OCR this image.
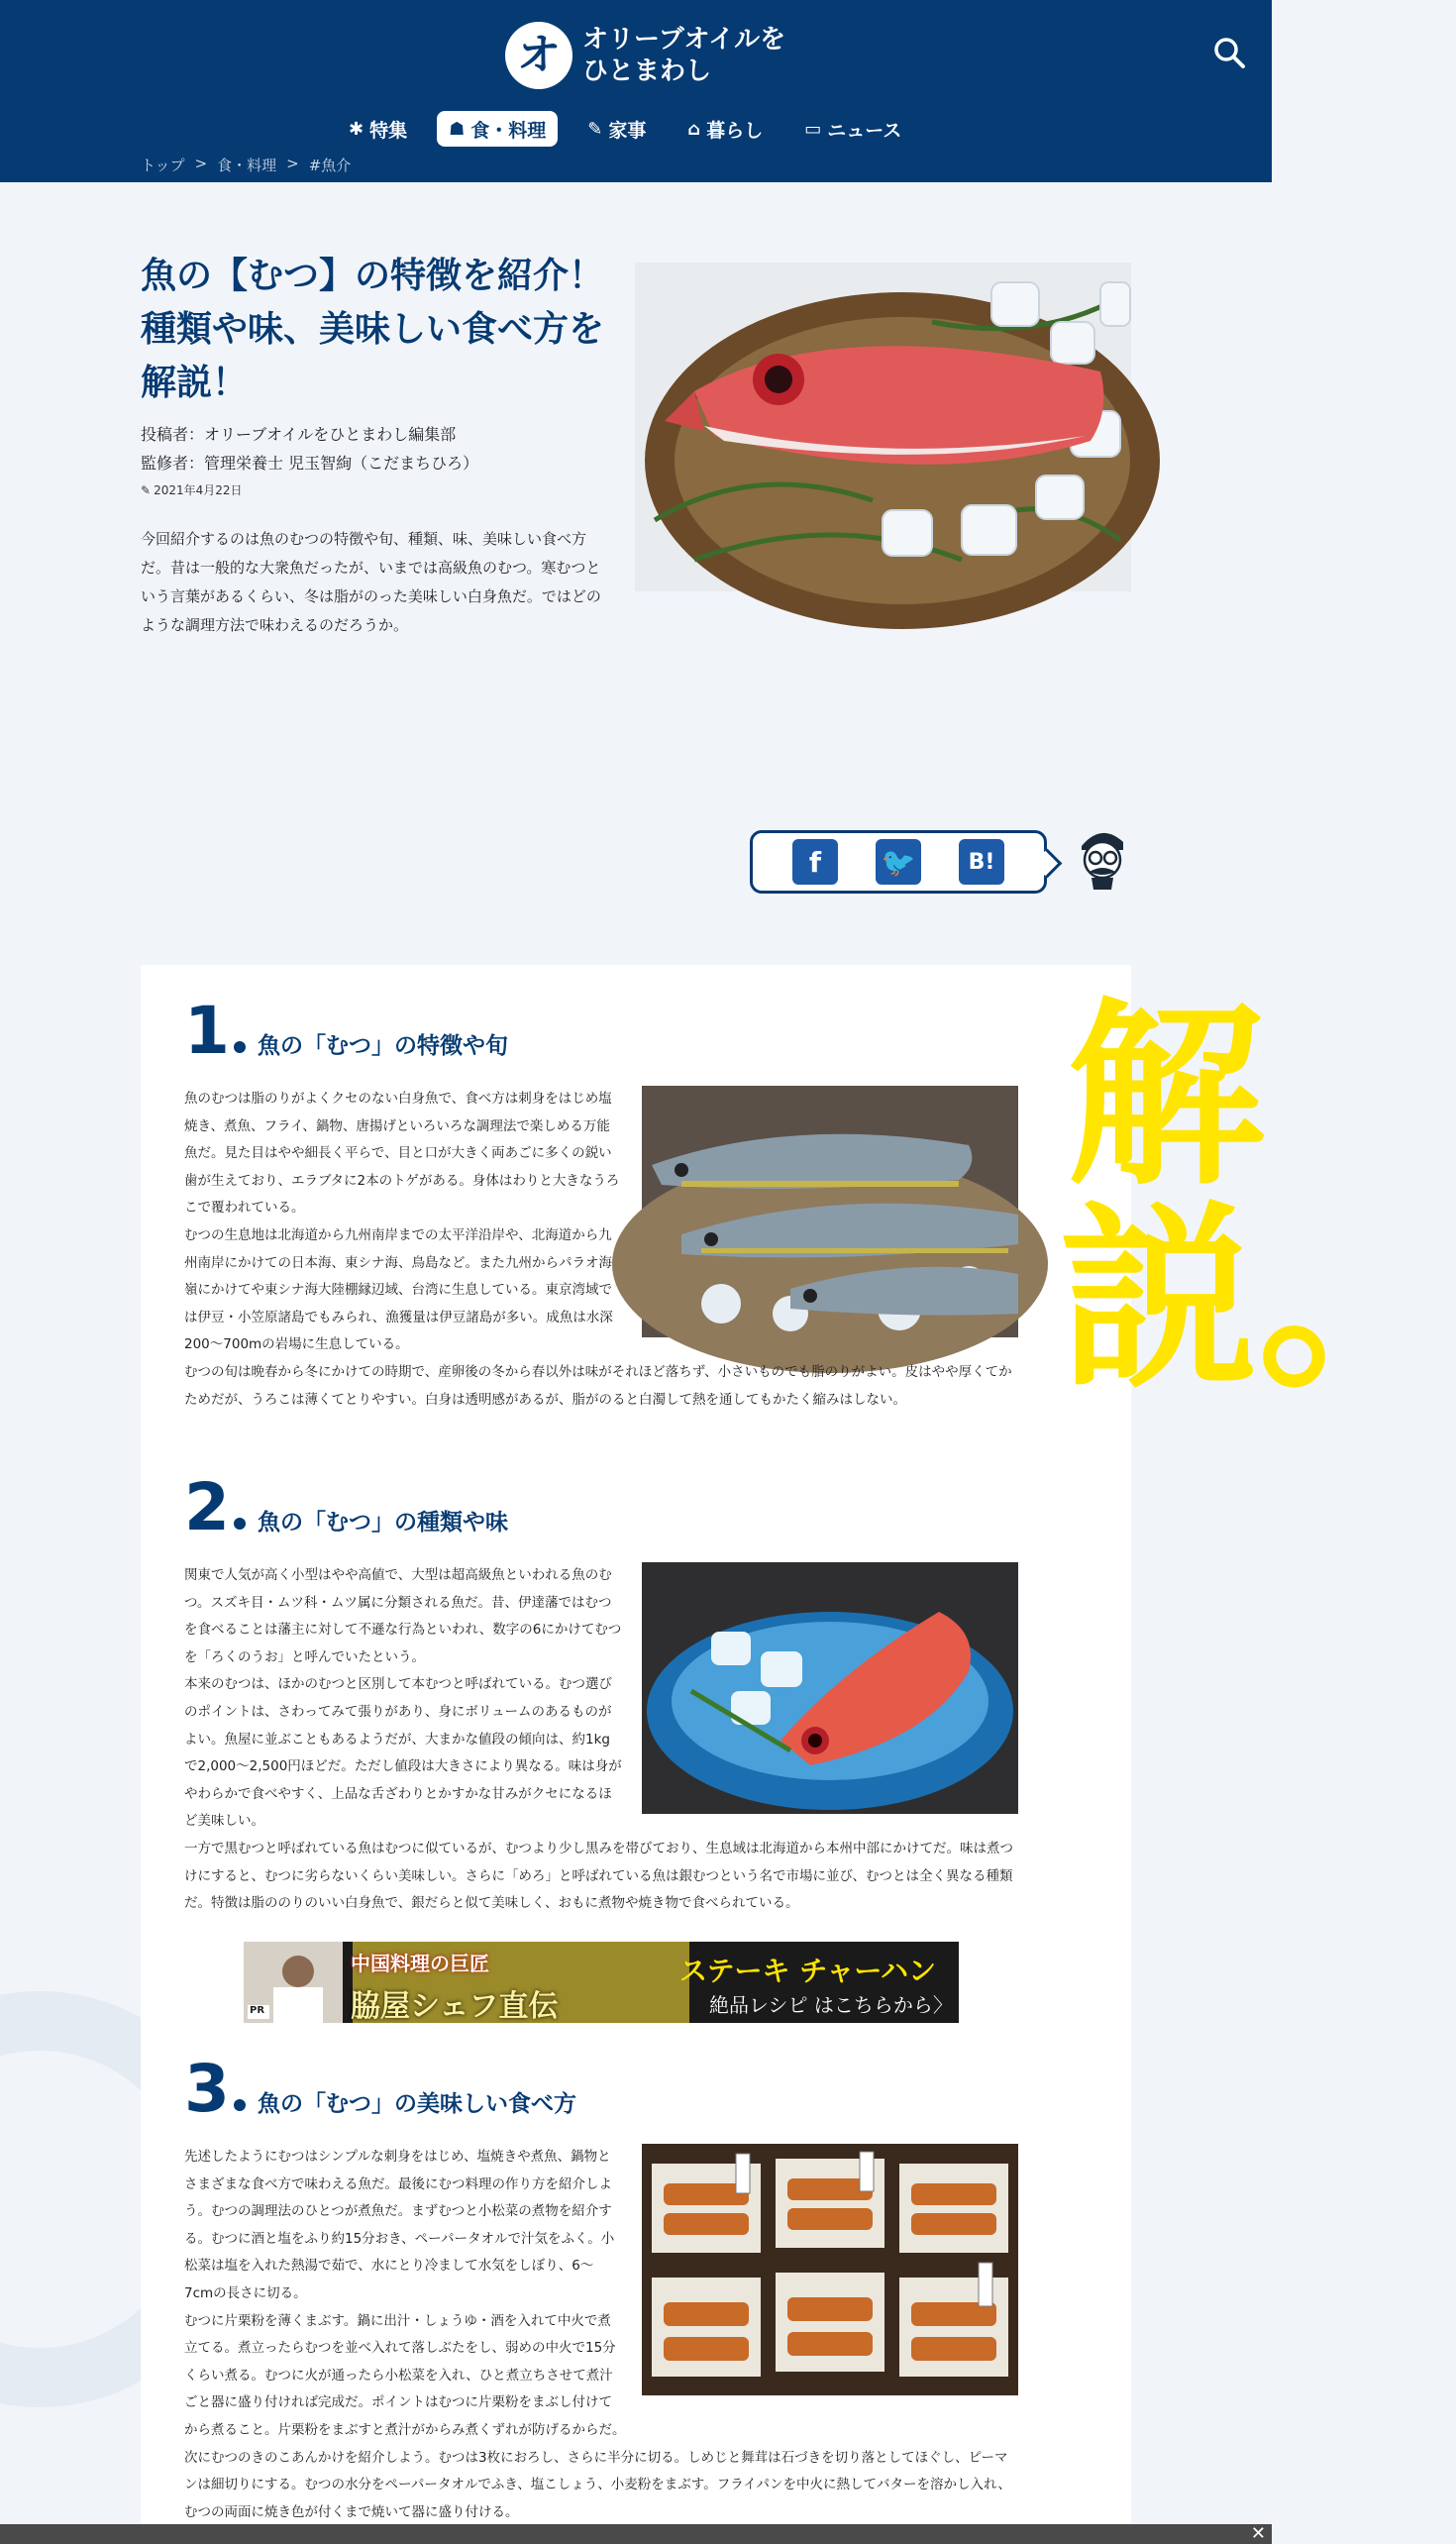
オ オリーブオイルを
ひとまわし
✱ 特集 ☗ 食・料理 ✎ 家事 ⌂ 暮らし ▭ ニュース
トップ > 食・料理 > #魚介
魚の【むつ】の特徴を紹介！種類や味、美味しい食べ方を解説！
投稿者：オリーブオイルをひとまわし編集部
監修者：管理栄養士 児玉智絢（こだまちひろ）
✎ 2021年4月22日

今回紹介するのは魚のむつの特徴や旬、種類、味、美味しい食べ方だ。昔は一般的な大衆魚だったが、いまでは高級魚のむつ。寒むつという言葉があるくらい、冬は脂がのった美味しい白身魚だ。ではどのような調理方法で味わえるのだろうか。

f	🐦	B!
解説。
1 魚の「むつ」の特徴や旬

魚のむつは脂のりがよくクセのない白身魚で、食べ方は刺身をはじめ塩焼き、煮魚、フライ、鍋物、唐揚げといろいろな調理法で楽しめる万能魚だ。見た目はやや細長く平らで、目と口が大きく両あごに多くの鋭い歯が生えており、エラブタに2本のトゲがある。身体はわりと大きなうろこで覆われている。

むつの生息地は北海道から九州南岸までの太平洋沿岸や、北海道から九州南岸にかけての日本海、東シナ海、鳥島など。また九州からパラオ海嶺にかけてや東シナ海大陸棚縁辺域、台湾に生息している。東京湾域では伊豆・小笠原諸島でもみられ、漁獲量は伊豆諸島が多い。成魚は水深200〜700mの岩場に生息している。

むつの旬は晩春から冬にかけての時期で、産卵後の冬から春以外は味がそれほど落ちず、小さいものでも脂のりがよい。皮はやや厚くてかためだが、うろこは薄くてとりやすい。白身は透明感があるが、脂がのると白濁して熱を通してもかたく縮みはしない。

2 魚の「むつ」の種類や味

関東で人気が高く小型はやや高値で、大型は超高級魚といわれる魚のむつ。スズキ目・ムツ科・ムツ属に分類される魚だ。昔、伊達藩ではむつを食べることは藩主に対して不遜な行為といわれ、数字の6にかけてむつを「ろくのうお」と呼んでいたという。

本来のむつは、ほかのむつと区別して本むつと呼ばれている。むつ選びのポイントは、さわってみて張りがあり、身にボリュームのあるものがよい。魚屋に並ぶこともあるようだが、大まかな値段の傾向は、約1kgで2,000～2,500円ほどだ。ただし値段は大きさにより異なる。味は身がやわらかで食べやすく、上品な舌ざわりとかすかな甘みがクセになるほど美味しい。

一方で黒むつと呼ばれている魚はむつに似ているが、むつより少し黒みを帯びており、生息域は北海道から本州中部にかけてだ。味は煮つけにすると、むつに劣らないくらい美味しい。さらに「めろ」と呼ばれている魚は銀むつという名で市場に並び、むつとは全く異なる種類だ。特徴は脂ののりのいい白身魚で、銀だらと似て美味しく、おもに煮物や焼き物で食べられている。

PR
中国料理の巨匠
脇屋シェフ直伝
ステーキ チャーハン
絶品レシピ はこちらから〉
3 魚の「むつ」の美味しい食べ方

先述したようにむつはシンプルな刺身をはじめ、塩焼きや煮魚、鍋物とさまざまな食べ方で味わえる魚だ。最後にむつ料理の作り方を紹介しよう。むつの調理法のひとつが煮魚だ。まずむつと小松菜の煮物を紹介する。むつに酒と塩をふり約15分おき、ペーパータオルで汁気をふく。小松菜は塩を入れた熱湯で茹で、水にとり冷まして水気をしぼり、6～7cmの長さに切る。

むつに片栗粉を薄くまぶす。鍋に出汁・しょうゆ・酒を入れて中火で煮立てる。煮立ったらむつを並べ入れて落しぶたをし、弱めの中火で15分くらい煮る。むつに火が通ったら小松菜を入れ、ひと煮立ちさせて煮汁ごと器に盛り付ければ完成だ。ポイントはむつに片栗粉をまぶし付けてから煮ること。片栗粉をまぶすと煮汁がからみ煮くずれが防げるからだ。

次にむつのきのこあんかけを紹介しよう。むつは3枚におろし、さらに半分に切る。しめじと舞茸は石づきを切り落としてほぐし、ピーマンは細切りにする。むつの水分をペーパータオルでふき、塩こしょう、小麦粉をまぶす。フライパンを中火に熱してバターを溶かし入れ、むつの両面に焼き色が付くまで焼いて器に盛り付ける。

✕
